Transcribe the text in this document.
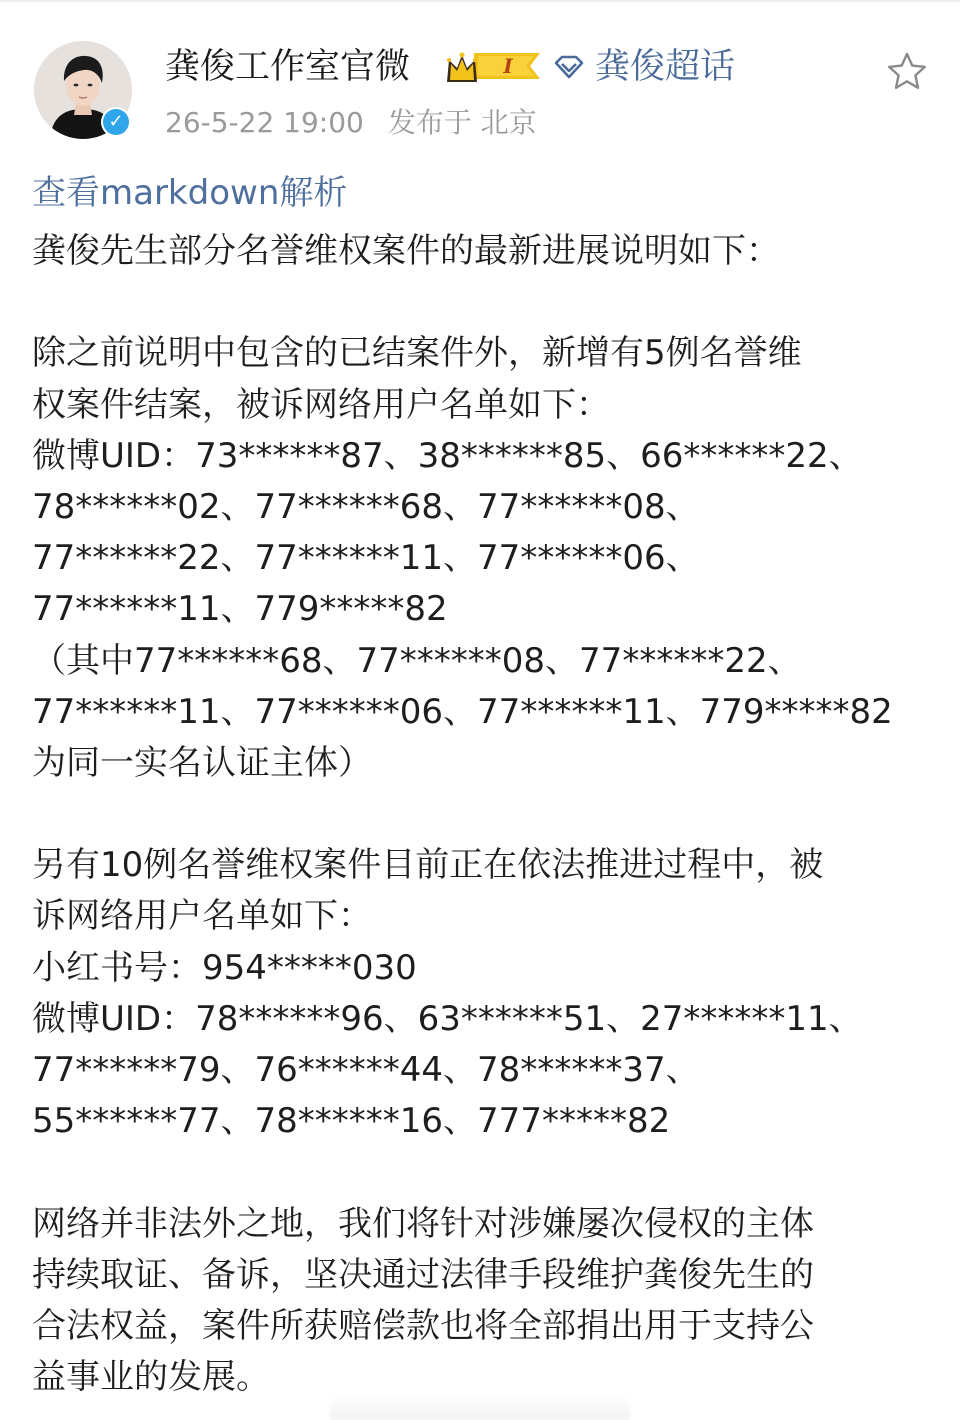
✓
龚俊工作室官微	I 龚俊超话
26-5-22 19:00 发布于 北京
查看markdown解析
龚俊先生部分名誉维权案件的最新进展说明如下：
除之前说明中包含的已结案件外，新增有5例名誉维
权案件结案，被诉网络用户名单如下：
微博UID：73******87、38******85、66******22、
78******02、77******68、77******08、
77******22、77******11、77******06、
77******11、779*****82
（其中77******68、77******08、77******22、
77******11、77******06、77******11、779*****82
为同一实名认证主体）
另有10例名誉维权案件目前正在依法推进过程中，被
诉网络用户名单如下：
小红书号：954*****030
微博UID：78******96、63******51、27******11、
77******79、76******44、78******37、
55******77、78******16、777*****82
网络并非法外之地，我们将针对涉嫌屡次侵权的主体
持续取证、备诉，坚决通过法律手段维护龚俊先生的
合法权益，案件所获赔偿款也将全部捐出用于支持公
益事业的发展。
